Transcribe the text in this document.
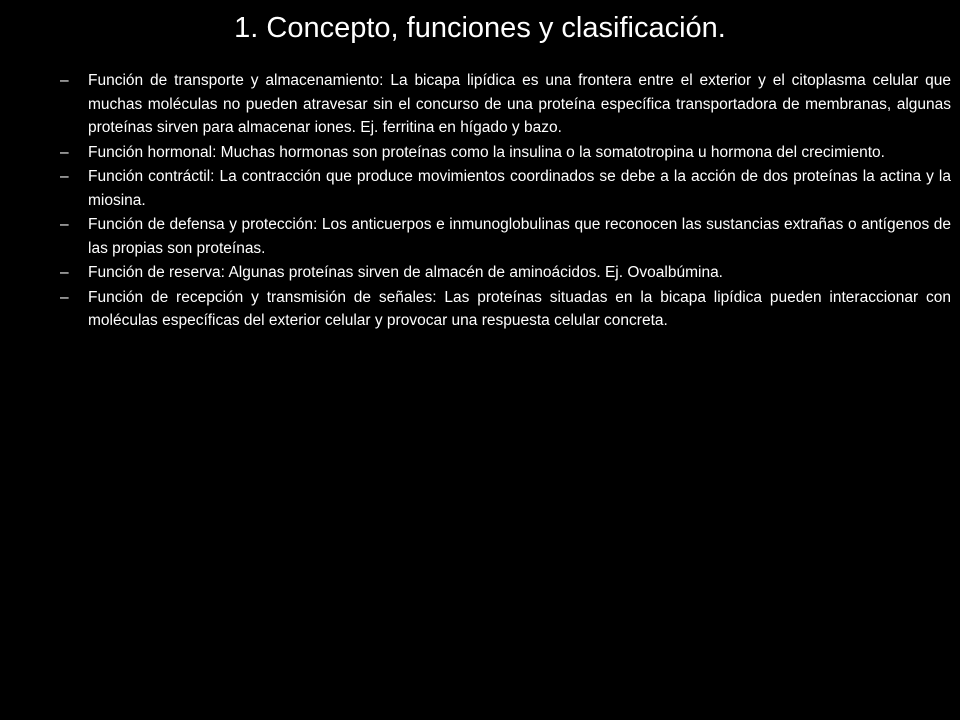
1. Concepto, funciones y clasificación.
–	Función de transporte y almacenamiento: La bicapa lipídica es una frontera entre el exterior y el citoplasma celular que muchas moléculas no pueden atravesar sin el concurso de una proteína específica transportadora de membranas, algunas proteínas sirven para almacenar iones. Ej. ferritina en hígado y bazo.
–	Función hormonal: Muchas hormonas son proteínas como la insulina o la somatotropina u hormona del crecimiento.
–	Función contráctil: La contracción que produce movimientos coordinados se debe a la acción de dos proteínas la actina y la miosina.
–	Función de defensa y protección: Los anticuerpos e inmunoglobulinas que reconocen las sustancias extrañas o antígenos de las propias son proteínas.
–	Función de reserva: Algunas proteínas sirven de almacén de aminoácidos. Ej. Ovoalbúmina.
–	Función de recepción y transmisión de señales: Las proteínas situadas en la bicapa lipídica pueden interaccionar con moléculas específicas del exterior celular y provocar una respuesta celular concreta.
